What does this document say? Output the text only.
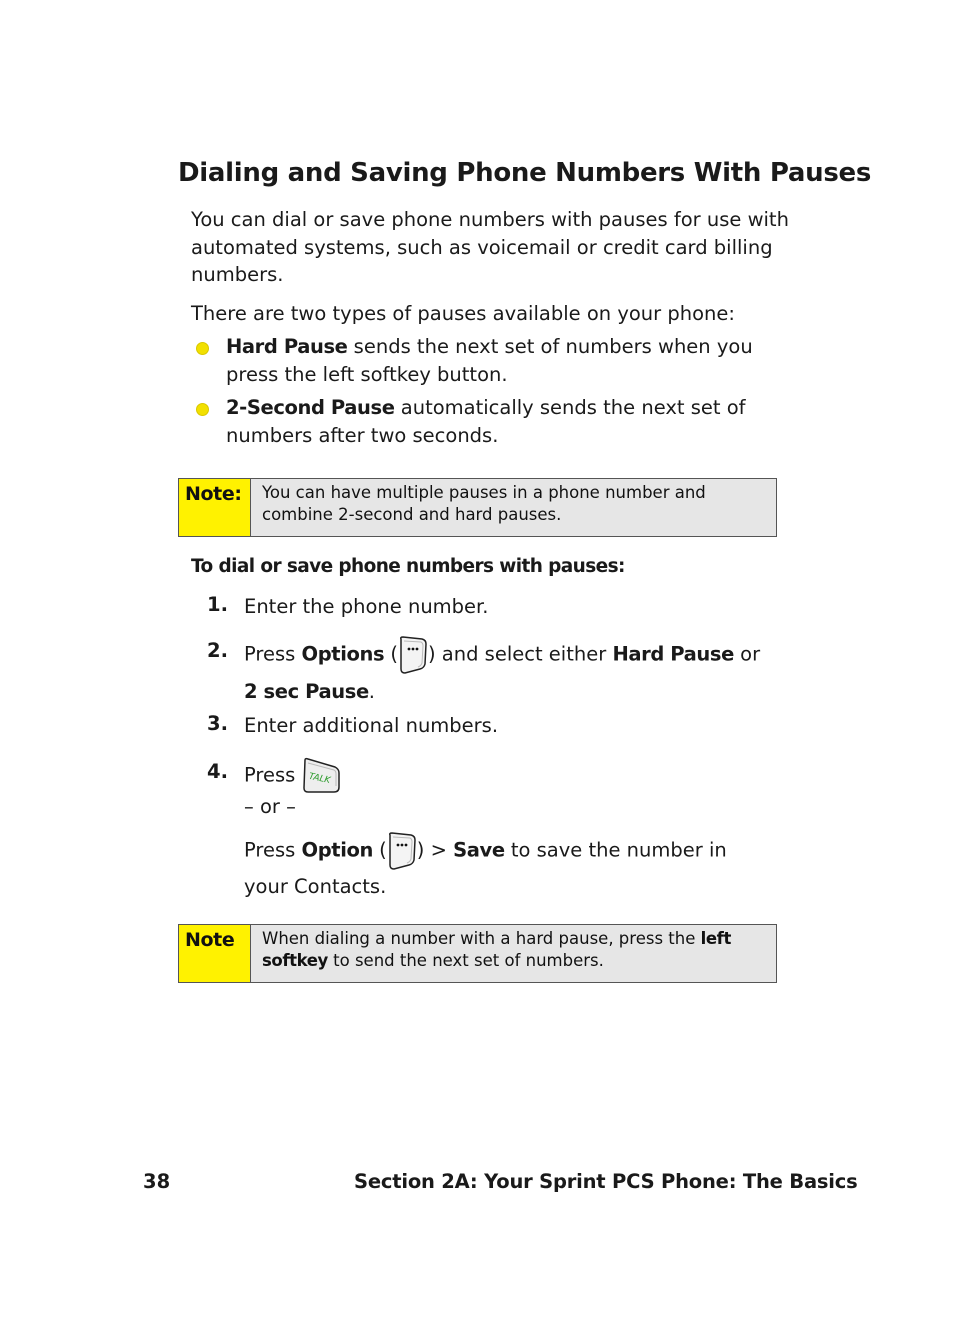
Dialing and Saving Phone Numbers With Pauses
You can dial or save phone numbers with pauses for use with automated systems, such as voicemail or credit card billing numbers.
There are two types of pauses available on your phone:
Hard Pause sends the next set of numbers when you press the left softkey button.
2-Second Pause automatically sends the next set of numbers after two seconds.
Note: You can have multiple pauses in a phone number and combine 2-second and hard pauses.
To dial or save phone numbers with pauses:
1. Enter the phone number.
2. Press Options ( ) and select either Hard Pause or 2 sec Pause.
3. Enter additional numbers.
4. Press TALK
– or –
Press Option ( ) > Save to save the number in your Contacts.
Note When dialing a number with a hard pause, press the left softkey to send the next set of numbers.
38	Section 2A: Your Sprint PCS Phone: The Basics
